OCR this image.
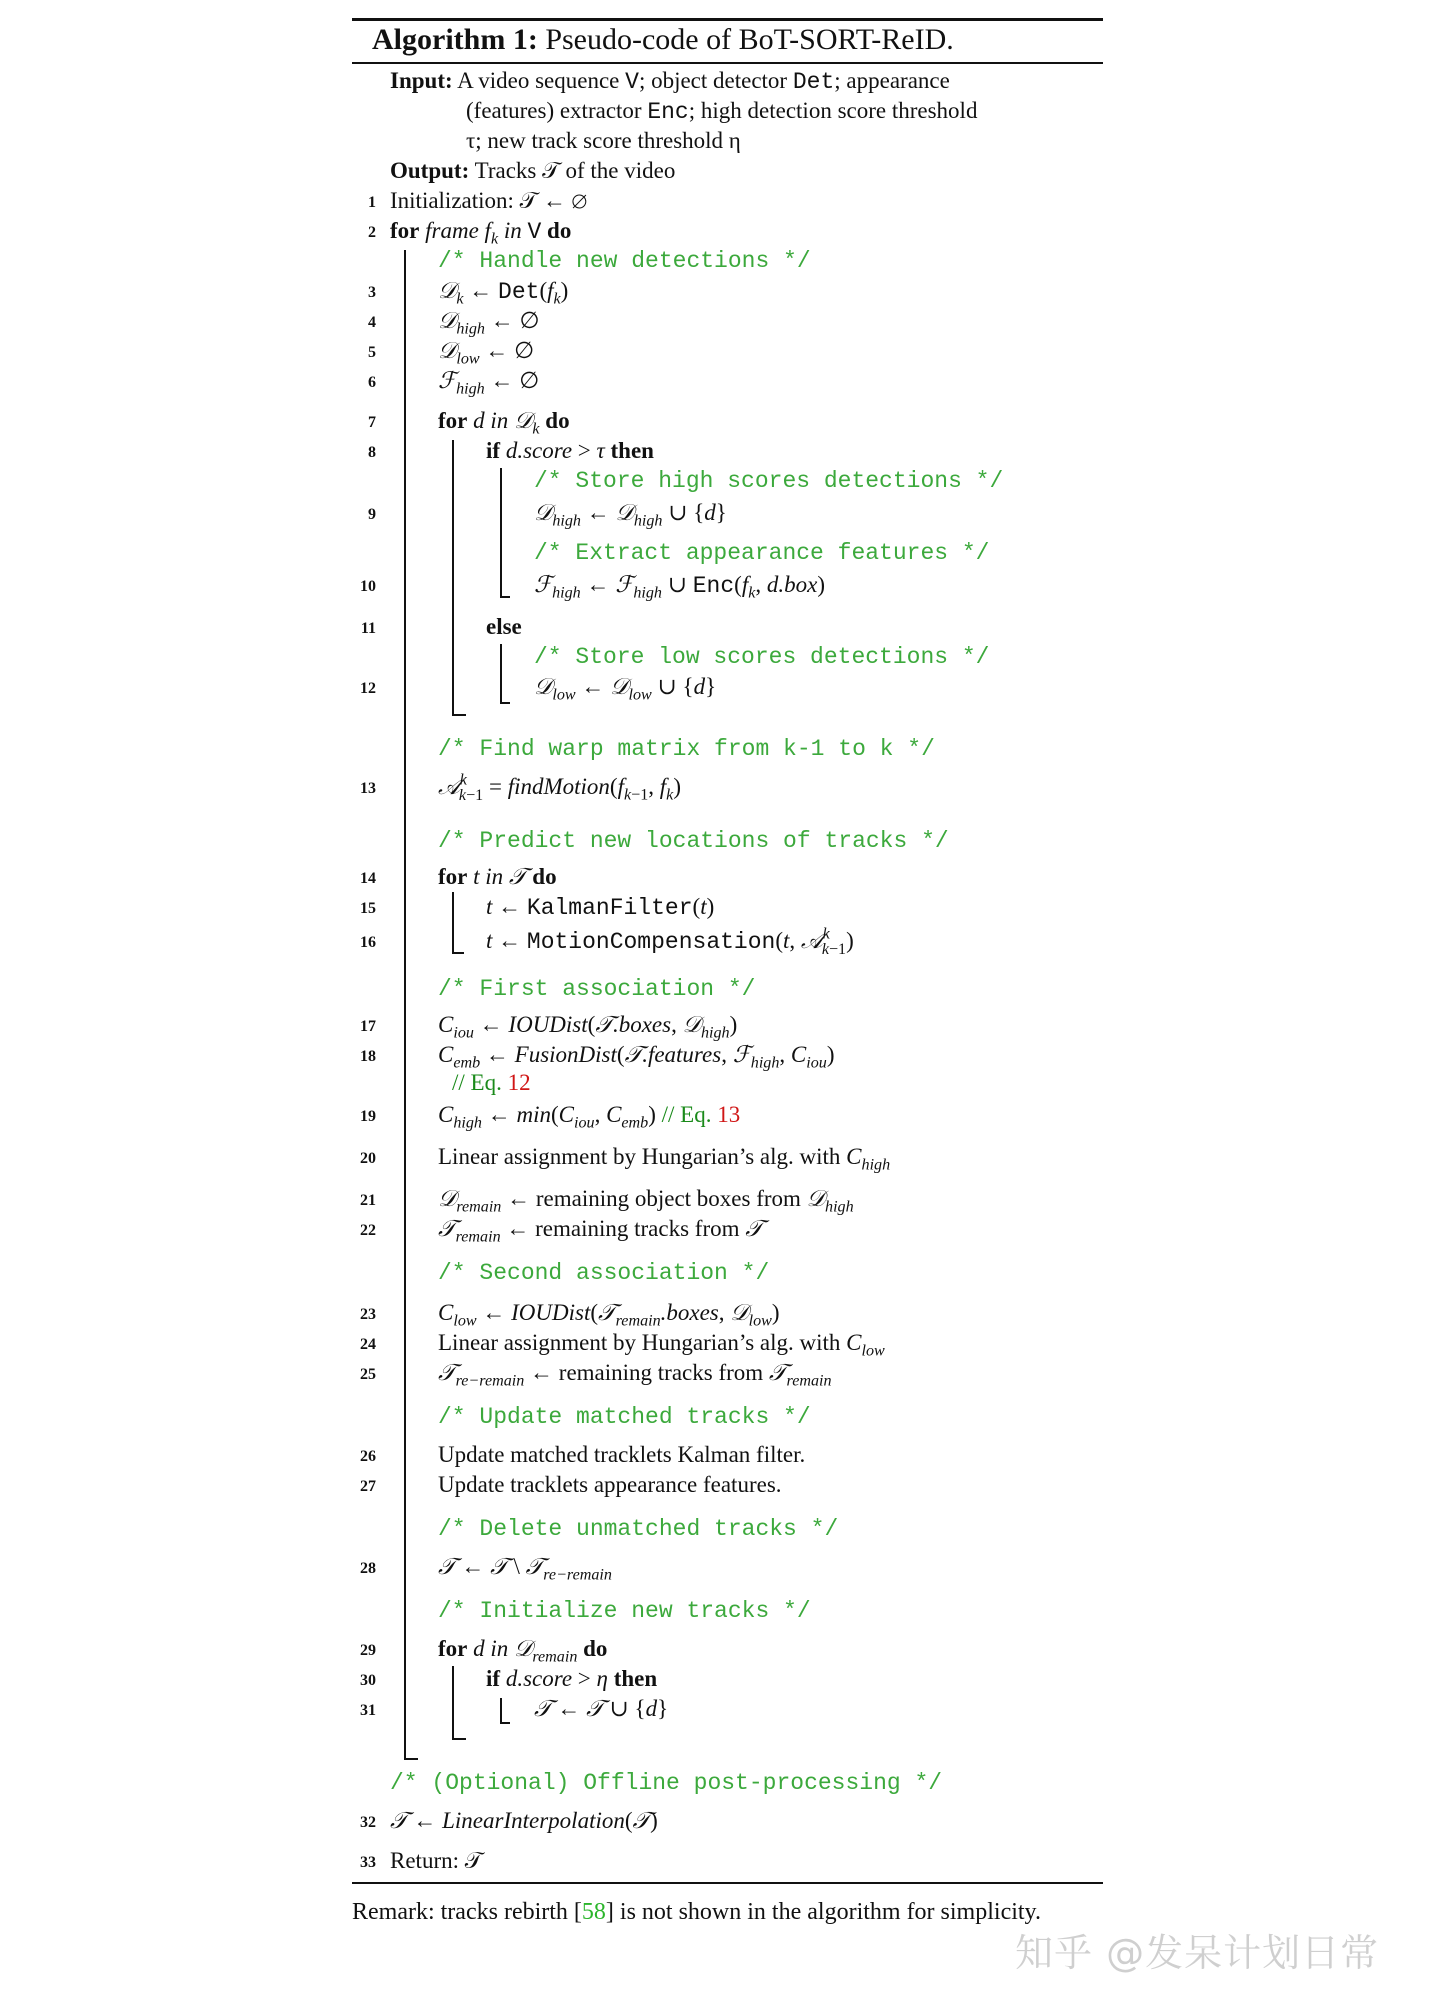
Algorithm 1: Pseudo-code of BoT-SORT-ReID.
Input: A video sequence V; object detector Det; appearance
(features) extractor Enc; high detection score threshold
τ; new track score threshold η
Output: Tracks 𝒯 of the video
1
2
3
4
5
6
7
8
9
10
11
12
13
14
15
16
17
18
19
20
21
22
23
24
25
26
27
28
29
30
31
32
33
Initialization: 𝒯 ← ∅
for frame $f_k$ in V do
/* Handle new detections */
𝒟$_k$ ← $Det(f_k)$
𝒟$_{high}$ ← ∅
𝒟$_{low}$ ← ∅
ℱ$_{high}$ ← ∅
for d in 𝒟$_k$ do
if d.score > τ then
/* Store high scores detections */
𝒟$_{high}$ ← 𝒟$_{high}$ ∪ {d}
/* Extract appearance features */
ℱ$_{high}$ ← ℱ$_{high}$ ∪ $Enc(f_k$, d.box)
else
/* Store low scores detections */
𝒟$_{low}$ ← 𝒟$_{low}$ ∪ {d}
/* Find warp matrix from k-1 to k */
𝒜$^k_{k-1}$ = $findMotion(f_{k-1}$, $f_k$)
/* Predict new locations of tracks */
for t in 𝒯 do
t ← KalmanFilter(t)
t ← MotionCompensation(t, 𝒜$^k_{k-1}$)
/* First association */
$C_{iou}$ ← IOUDist(𝒯.boxes, 𝒟$_{high}$)
$C_{emb}$ ← FusionDist(𝒯.features, ℱ$_{high}$, $C_{iou}$)
// Eq. 12
$C_{high}$ ← $\min(C_{iou}$, $C_{emb}$) // Eq. 13
Linear assignment by Hungarian’s alg. with $C_{high}$
𝒟$_{remain}$ ← remaining object boxes from 𝒟$_{high}$
𝒯$_{remain}$ ← remaining tracks from 𝒯
/* Second association */
$C_{low}$ ← IOUDist(𝒯$_{remain}$.boxes, 𝒟$_{low}$)
Linear assignment by Hungarian’s alg. with $C_{low}$
𝒯$_{re-remain}$ ← remaining tracks from 𝒯$_{remain}$
/* Update matched tracks */
Update matched tracklets Kalman filter.
Update tracklets appearance features.
/* Delete unmatched tracks */
𝒯 ← 𝒯 \ 𝒯$_{re-remain}$
/* Initialize new tracks */
for d in 𝒟$_{remain}$ do
if d.score > η then
𝒯 ← 𝒯 ∪ {d}
/* (Optional) Offline post-processing */
𝒯 ← LinearInterpolation(𝒯)
Return: 𝒯
Remark: tracks rebirth [58] is not shown in the algorithm for simplicity.
知乎 @发呆计划日常
